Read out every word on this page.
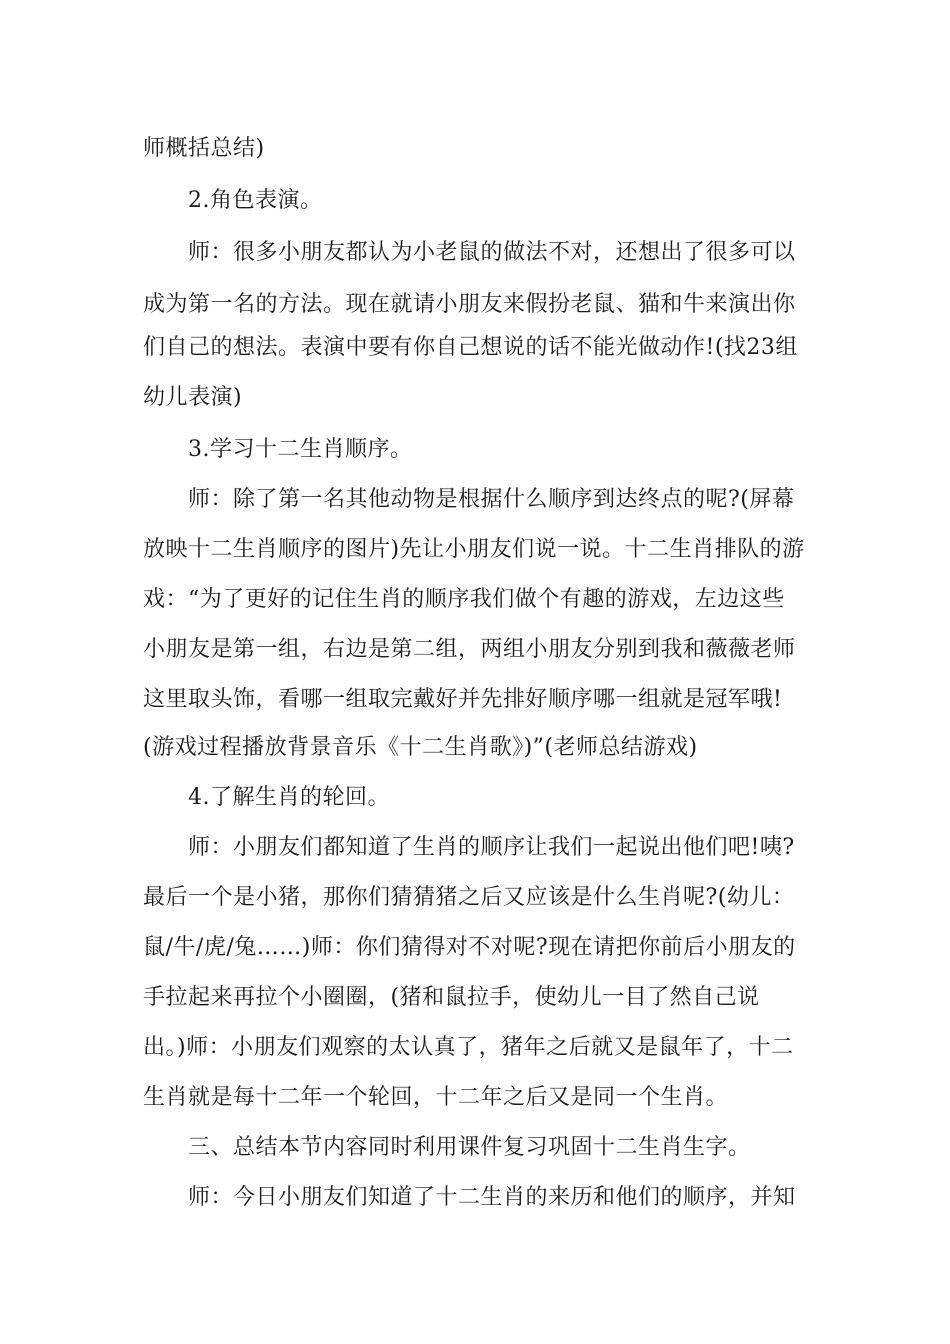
师概括总结)
2.角色表演。
师：很多小朋友都认为小老鼠的做法不对，还想出了很多可以
成为第一名的方法。现在就请小朋友来假扮老鼠、猫和牛来演出你
们自己的想法。表演中要有你自己想说的话不能光做动作!(找23组
幼儿表演)
3.学习十二生肖顺序。
师：除了第一名其他动物是根据什么顺序到达终点的呢?(屏幕
放映十二生肖顺序的图片)先让小朋友们说一说。十二生肖排队的游
戏：“为了更好的记住生肖的顺序我们做个有趣的游戏，左边这些
小朋友是第一组，右边是第二组，两组小朋友分别到我和薇薇老师
这里取头饰，看哪一组取完戴好并先排好顺序哪一组就是冠军哦!
(游戏过程播放背景音乐《十二生肖歌》)”(老师总结游戏)
4.了解生肖的轮回。
师：小朋友们都知道了生肖的顺序让我们一起说出他们吧!咦?
最后一个是小猪，那你们猜猜猪之后又应该是什么生肖呢?(幼儿：
鼠/牛/虎/兔……)师：你们猜得对不对呢?现在请把你前后小朋友的
手拉起来再拉个小圈圈，(猪和鼠拉手，使幼儿一目了然自己说
出。)师：小朋友们观察的太认真了，猪年之后就又是鼠年了，十二
生肖就是每十二年一个轮回，十二年之后又是同一个生肖。
三、总结本节内容同时利用课件复习巩固十二生肖生字。
师：今日小朋友们知道了十二生肖的来历和他们的顺序，并知
